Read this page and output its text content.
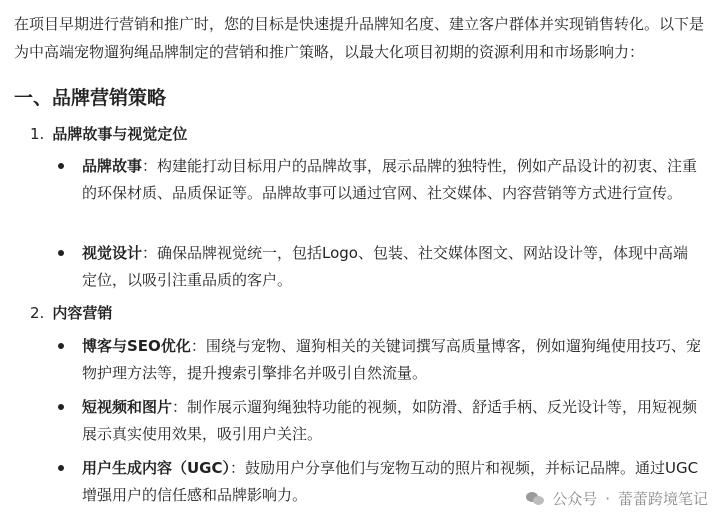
在项目早期进行营销和推广时，您的目标是快速提升品牌知名度、建立客户群体并实现销售转化。以下是为中高端宠物遛狗绳品牌制定的营销和推广策略，以最大化项目初期的资源利用和市场影响力：

一、品牌营销策略
1. 品牌故事与视觉定位
品牌故事：构建能打动目标用户的品牌故事，展示品牌的独特性，例如产品设计的初衷、注重的环保材质、品质保证等。品牌故事可以通过官网、社交媒体、内容营销等方式进行宣传。
视觉设计：确保品牌视觉统一，包括Logo、包装、社交媒体图文、网站设计等，体现中高端定位，以吸引注重品质的客户。
2. 内容营销
博客与SEO优化：围绕与宠物、遛狗相关的关键词撰写高质量博客，例如遛狗绳使用技巧、宠物护理方法等，提升搜索引擎排名并吸引自然流量。
短视频和图片：制作展示遛狗绳独特功能的视频，如防滑、舒适手柄、反光设计等，用短视频展示真实使用效果，吸引用户关注。
用户生成内容（UGC）：鼓励用户分享他们与宠物互动的照片和视频，并标记品牌。通过UGC增强用户的信任感和品牌影响力。	公众号 · 蕾蕾跨境笔记
